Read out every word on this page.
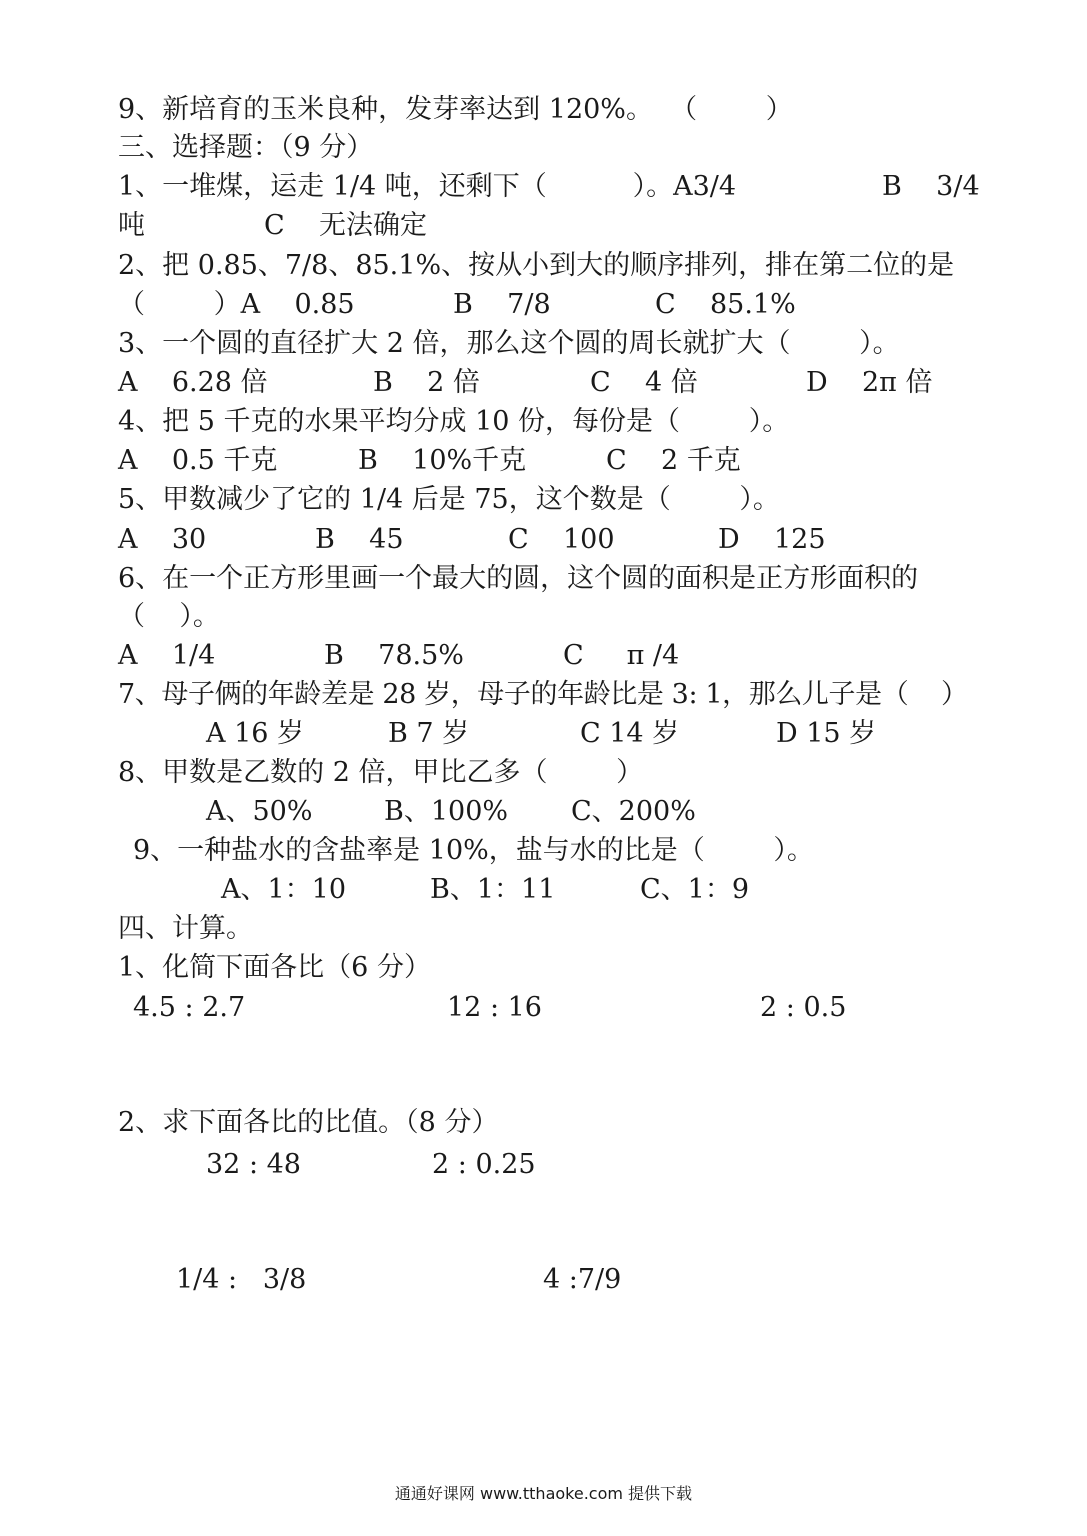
9、新培育的玉米良种，发芽率达到 120%。  （        ）
三、选择题：（9 分）
1、一堆煤，运走 1/4 吨，还剩下（          ）。A3/4	B    3/4
吨	C    无法确定
2、把 0.85、7/8、85.1%、按从小到大的顺序排列，排在第二位的是
（        ）A    0.85	B    7/8	C    85.1%
3、一个圆的直径扩大 2 倍，那么这个圆的周长就扩大（        ）。
A    6.28 倍	B    2 倍	C    4 倍	D    2π 倍
4、把 5 千克的水果平均分成 10 份，每份是（        ）。
A    0.5 千克	B    10%千克	C    2 千克
5、甲数减少了它的 1/4 后是 75，这个数是（        ）。
A    30	B    45	C    100	D    125
6、在一个正方形里画一个最大的圆，这个圆的面积是正方形面积的
（    ）。
A    1/4	B    78.5%	C     π /4
7、母子俩的年龄差是 28 岁，母子的年龄比是 3: 1，那么儿子是（    ）
A 16 岁	B 7 岁	C 14 岁	D 15 岁
8、甲数是乙数的 2 倍，甲比乙多（        ）
A、50%	B、100% C、200%
9、一种盐水的含盐率是 10%，盐与水的比是（        ）。
A、1：10	B、1：11	C、1：9
四、计算。
1、化简下面各比（6 分）
4.5 : 2.7	12 : 16	2 : 0.5
2、求下面各比的比值。（8 分）
32 : 48	2 : 0.25
1/4 :   3/8	4 :7/9
通通好课网 www.tthaoke.com 提供下载
